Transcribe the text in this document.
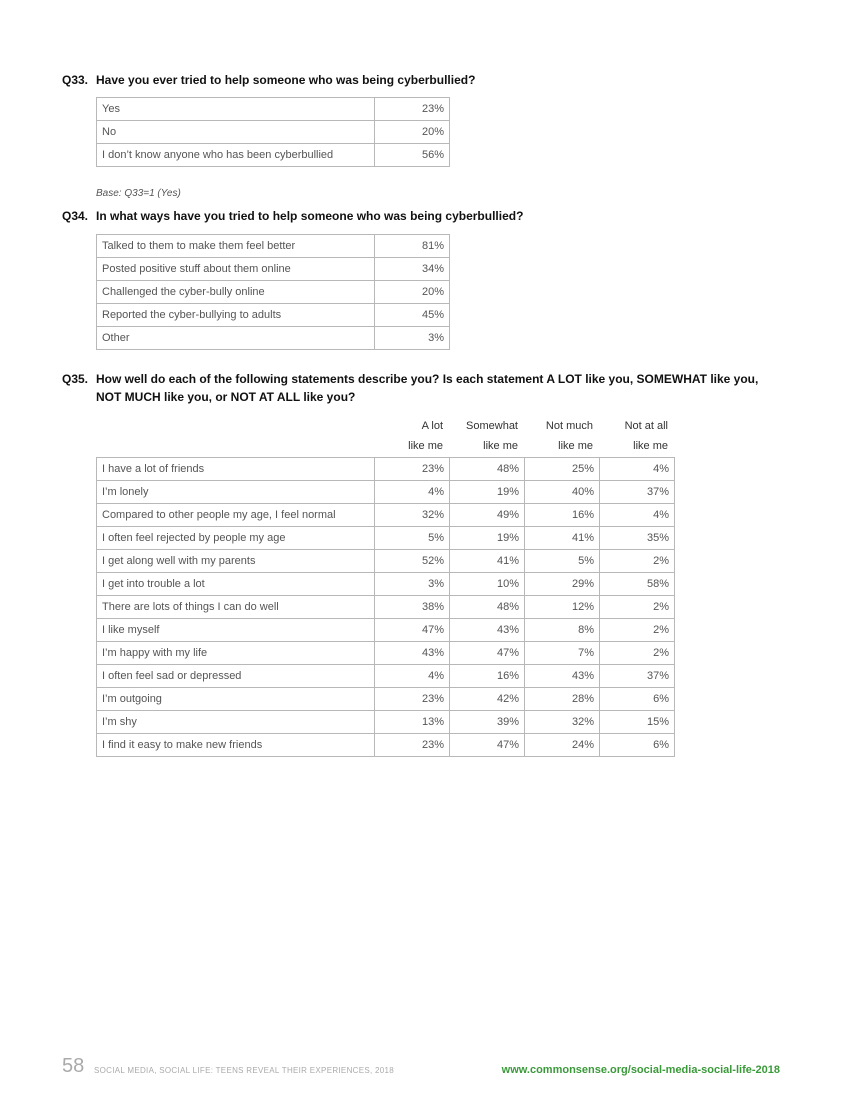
Q33. Have you ever tried to help someone who was being cyberbullied?
Yes	23%
No	20%
I don’t know anyone who has been cyberbullied	56%
Base: Q33=1 (Yes)
Q34. In what ways have you tried to help someone who was being cyberbullied?
Talked to them to make them feel better	81%
Posted positive stuff about them online	34%
Challenged the cyber-bully online	20%
Reported the cyber-bullying to adults	45%
Other	3%
Q35. How well do each of the following statements describe you? Is each statement A LOT like you, SOMEWHAT like you,
NOT MUCH like you, or NOT AT ALL like you?
A lot
like me
Somewhat
like me
Not much
like me
Not at all
like me
I have a lot of friends	23%	48%	25%	4%
I’m lonely	4%	19%	40%	37%
Compared to other people my age, I feel normal	32%	49%	16%	4%
I often feel rejected by people my age	5%	19%	41%	35%
I get along well with my parents	52%	41%	5%	2%
I get into trouble a lot	3%	10%	29%	58%
There are lots of things I can do well	38%	48%	12%	2%
I like myself	47%	43%	8%	2%
I’m happy with my life	43%	47%	7%	2%
I often feel sad or depressed	4%	16%	43%	37%
I’m outgoing	23%	42%	28%	6%
I’m shy	13%	39%	32%	15%
I find it easy to make new friends	23%	47%	24%	6%
58 SOCIAL MEDIA, SOCIAL LIFE: TEENS REVEAL THEIR EXPERIENCES, 2018	www.commonsense.org/social-media-social-life-2018
